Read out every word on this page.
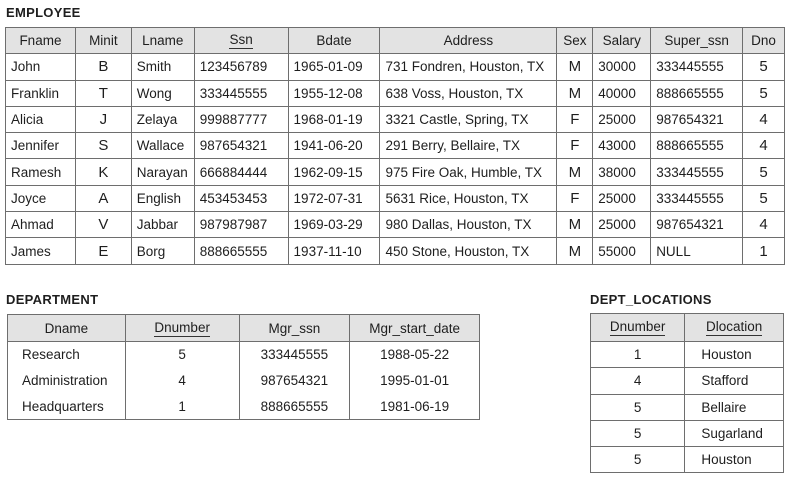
EMPLOYEE
Fname	Minit	Lname	Ssn	Bdate	Address	Sex	Salary	Super_ssn	Dno
John	B	Smith	123456789	1965-01-09	731 Fondren, Houston, TX	M	30000	333445555	5
Franklin	T	Wong	333445555	1955-12-08	638 Voss, Houston, TX	M	40000	888665555	5
Alicia	J	Zelaya	999887777	1968-01-19	3321 Castle, Spring, TX	F	25000	987654321	4
Jennifer	S	Wallace	987654321	1941-06-20	291 Berry, Bellaire, TX	F	43000	888665555	4
Ramesh	K	Narayan	666884444	1962-09-15	975 Fire Oak, Humble, TX	M	38000	333445555	5
Joyce	A	English	453453453	1972-07-31	5631 Rice, Houston, TX	F	25000	333445555	5
Ahmad	V	Jabbar	987987987	1969-03-29	980 Dallas, Houston, TX	M	25000	987654321	4
James	E	Borg	888665555	1937-11-10	450 Stone, Houston, TX	M	55000	NULL	1
DEPARTMENT
Dname	Dnumber	Mgr_ssn	Mgr_start_date
Research	5	333445555	1988-05-22
Administration	4	987654321	1995-01-01
Headquarters	1	888665555	1981-06-19
DEPT_LOCATIONS
Dnumber	Dlocation
1	Houston
4	Stafford
5	Bellaire
5	Sugarland
5	Houston
